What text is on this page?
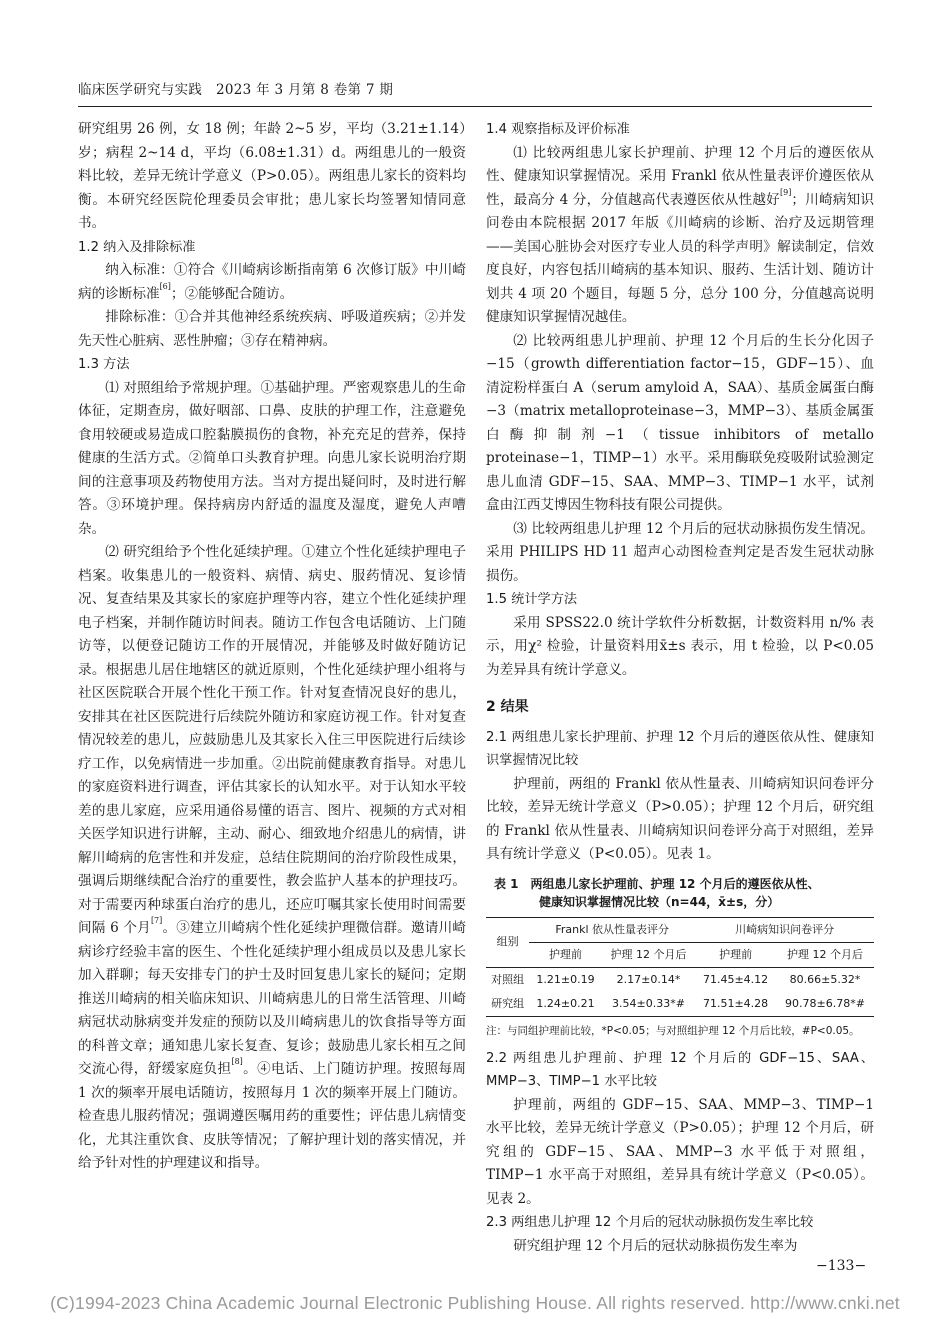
临床医学研究与实践　2023 年 3 月第 8 卷第 7 期

研究组男 26 例，女 18 例；年龄 2~5 岁，平均（3.21±1.14）岁；病程 2~14 d，平均（6.08±1.31）d。两组患儿的一般资料比较，差异无统计学意义（P>0.05）。两组患儿家长的资料均衡。本研究经医院伦理委员会审批；患儿家长均签署知情同意书。

1.2 纳入及排除标准

纳入标准：①符合《川崎病诊断指南第 6 次修订版》中川崎病的诊断标准[6]；②能够配合随访。

排除标准：①合并其他神经系统疾病、呼吸道疾病；②并发先天性心脏病、恶性肿瘤；③存在精神病。

1.3 方法

⑴ 对照组给予常规护理。①基础护理。严密观察患儿的生命体征，定期查房，做好咽部、口鼻、皮肤的护理工作，注意避免食用较硬或易造成口腔黏膜损伤的食物，补充充足的营养，保持健康的生活方式。②简单口头教育护理。向患儿家长说明治疗期间的注意事项及药物使用方法。当对方提出疑问时，及时进行解答。③环境护理。保持病房内舒适的温度及湿度，避免人声嘈杂。

⑵ 研究组给予个性化延续护理。①建立个性化延续护理电子档案。收集患儿的一般资料、病情、病史、服药情况、复诊情况、复查结果及其家长的家庭护理等内容，建立个性化延续护理电子档案，并制作随访时间表。随访工作包含电话随访、上门随访等，以便登记随访工作的开展情况，并能够及时做好随访记录。根据患儿居住地辖区的就近原则，个性化延续护理小组将与社区医院联合开展个性化干预工作。针对复查情况良好的患儿，安排其在社区医院进行后续院外随访和家庭访视工作。针对复查情况较差的患儿，应鼓励患儿及其家长入住三甲医院进行后续诊疗工作，以免病情进一步加重。②出院前健康教育指导。对患儿的家庭资料进行调查，评估其家长的认知水平。对于认知水平较差的患儿家庭，应采用通俗易懂的语言、图片、视频的方式对相关医学知识进行讲解，主动、耐心、细致地介绍患儿的病情，讲解川崎病的危害性和并发症，总结住院期间的治疗阶段性成果，强调后期继续配合治疗的重要性，教会监护人基本的护理技巧。对于需要丙种球蛋白治疗的患儿，还应叮嘱其家长使用时间需要间隔 6 个月[7]。③建立川崎病个性化延续护理微信群。邀请川崎病诊疗经验丰富的医生、个性化延续护理小组成员以及患儿家长加入群聊；每天安排专门的护士及时回复患儿家长的疑问；定期推送川崎病的相关临床知识、川崎病患儿的日常生活管理、川崎病冠状动脉病变并发症的预防以及川崎病患儿的饮食指导等方面的科普文章；通知患儿家长复查、复诊；鼓励患儿家长相互之间交流心得，舒缓家庭负担[8]。④电话、上门随访护理。按照每周 1 次的频率开展电话随访，按照每月 1 次的频率开展上门随访。检查患儿服药情况；强调遵医嘱用药的重要性；评估患儿病情变化，尤其注重饮食、皮肤等情况；了解护理计划的落实情况，并给予针对性的护理建议和指导。

1.4 观察指标及评价标准

⑴ 比较两组患儿家长护理前、护理 12 个月后的遵医依从性、健康知识掌握情况。采用 Frankl 依从性量表评价遵医依从性，最高分 4 分，分值越高代表遵医依从性越好[9]；川崎病知识问卷由本院根据 2017 年版《川崎病的诊断、治疗及远期管理——美国心脏协会对医疗专业人员的科学声明》解读制定，信效度良好，内容包括川崎病的基本知识、服药、生活计划、随访计划共 4 项 20 个题目，每题 5 分，总分 100 分，分值越高说明健康知识掌握情况越佳。

⑵ 比较两组患儿护理前、护理 12 个月后的生长分化因子−15（growth differentiation factor−15，GDF−15）、血清淀粉样蛋白 A（serum amyloid A，SAA）、基质金属蛋白酶−3（matrix metalloproteinase−3，MMP−3）、基质金属蛋白酶抑制剂−1（tissue inhibitors of metallo proteinase−1，TIMP−1）水平。采用酶联免疫吸附试验测定患儿血清 GDF−15、SAA、MMP−3、TIMP−1 水平，试剂盒由江西艾博因生物科技有限公司提供。

⑶ 比较两组患儿护理 12 个月后的冠状动脉损伤发生情况。采用 PHILIPS HD 11 超声心动图检查判定是否发生冠状动脉损伤。

1.5 统计学方法

采用 SPSS22.0 统计学软件分析数据，计数资料用 n/% 表示，用χ² 检验，计量资料用x̄±s 表示，用 t 检验，以 P<0.05 为差异具有统计学意义。

2 结果

2.1 两组患儿家长护理前、护理 12 个月后的遵医依从性、健康知识掌握情况比较

护理前，两组的 Frankl 依从性量表、川崎病知识问卷评分比较，差异无统计学意义（P>0.05）；护理 12 个月后，研究组的 Frankl 依从性量表、川崎病知识问卷评分高于对照组，差异具有统计学意义（P<0.05）。见表 1。

表 1　两组患儿家长护理前、护理 12 个月后的遵医依从性、
健康知识掌握情况比较（n=44，x̄±s，分）
组别	Frankl 依从性量表评分		川崎病知识问卷评分	
	护理前	护理 12 个月后	护理前	护理 12 个月后
对照组	1.21±0.19	2.17±0.14*	71.45±4.12	80.66±5.32*
研究组	1.24±0.21	3.54±0.33*#	71.51±4.28	90.78±6.78*#
注：与同组护理前比较，*P<0.05；与对照组护理 12 个月后比较，#P<0.05。

2.2 两组患儿护理前、护理 12 个月后的 GDF−15、SAA、MMP−3、TIMP−1 水平比较

护理前，两组的 GDF−15、SAA、MMP−3、TIMP−1 水平比较，差异无统计学意义（P>0.05）；护理 12 个月后，研究组的 GDF−15、SAA、MMP−3 水平低于对照组，TIMP−1 水平高于对照组，差异具有统计学意义（P<0.05）。见表 2。

2.3 两组患儿护理 12 个月后的冠状动脉损伤发生率比较

研究组护理 12 个月后的冠状动脉损伤发生率为

−133−
(C)1994-2023 China Academic Journal Electronic Publishing House. All rights reserved. http://www.cnki.net
